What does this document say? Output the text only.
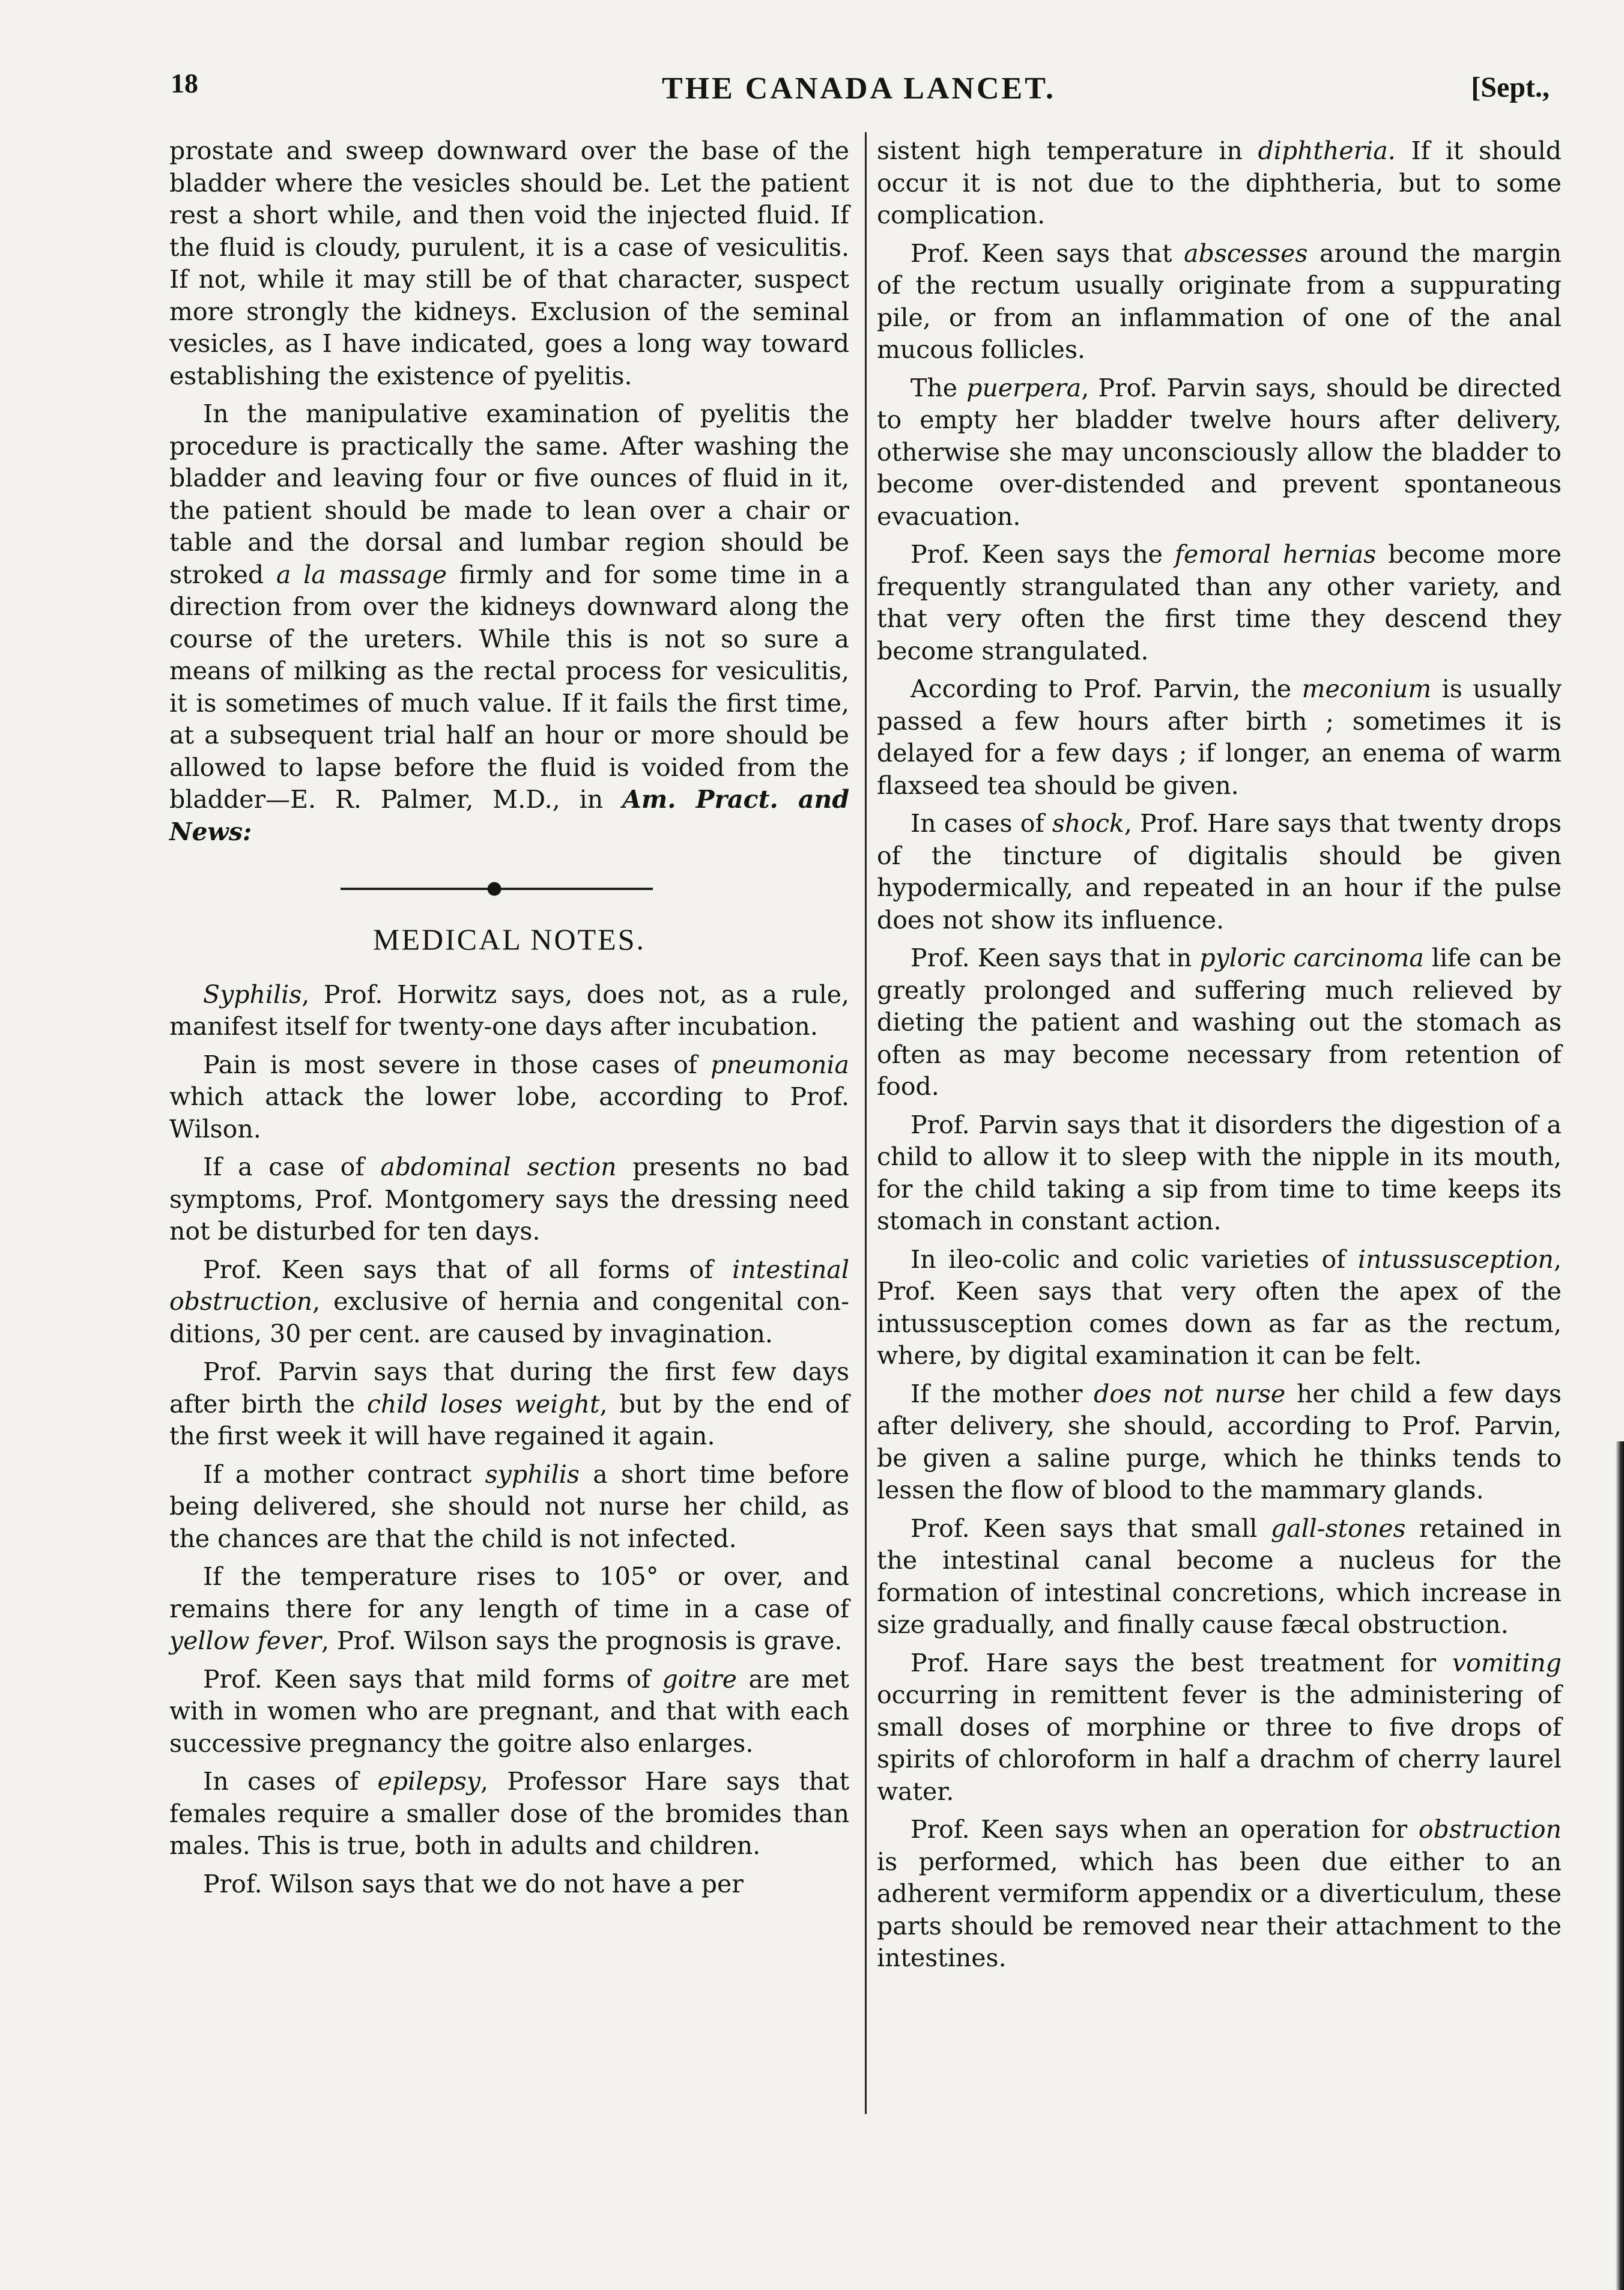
18	THE CANADA LANCET.	[Sept.,

prostate and sweep downward over the base of the bladder where the vesicles should be. Let the patient rest a short while, and then void the injected fluid. If the fluid is cloudy, purulent, it is a case of vesiculitis. If not, while it may still be of that character, suspect more strongly the kidneys. Exclusion of the seminal vesicles, as I have indicated, goes a long way toward establishing the existence of pyelitis.

In the manipulative examination of pyelitis the procedure is practically the same. After washing the bladder and leaving four or five ounces of fluid in it, the patient should be made to lean over a chair or table and the dorsal and lumbar region should be stroked a la massage firmly and for some time in a direction from over the kidneys downward along the course of the ureters. While this is not so sure a means of milking as the rectal process for vesiculitis, it is sometimes of much value. If it fails the first time, at a subsequent trial half an hour or more should be allowed to lapse before the fluid is voided from the bladder—E. R. Palmer, M.D., in Am. Pract. and News:

●
MEDICAL NOTES.

Syphilis, Prof. Horwitz says, does not, as a rule, manifest itself for twenty-one days after incubation.

Pain is most severe in those cases of pneumonia which attack the lower lobe, according to Prof. Wilson.

If a case of abdominal section presents no bad symptoms, Prof. Montgomery says the dressing need not be disturbed for ten days.

Prof. Keen says that of all forms of intestinal obstruction, exclusive of hernia and congenital conditions, 30 per cent. are caused by invagination.

Prof. Parvin says that during the first few days after birth the child loses weight, but by the end of the first week it will have regained it again.

If a mother contract syphilis a short time before being delivered, she should not nurse her child, as the chances are that the child is not infected.

If the temperature rises to 105° or over, and remains there for any length of time in a case of yellow fever, Prof. Wilson says the prognosis is grave.

Prof. Keen says that mild forms of goitre are met with in women who are pregnant, and that with each successive pregnancy the goitre also enlarges.

In cases of epilepsy, Professor Hare says that females require a smaller dose of the bromides than males. This is true, both in adults and children.

Prof. Wilson says that we do not have a per

sistent high temperature in diphtheria. If it should occur it is not due to the diphtheria, but to some complication.

Prof. Keen says that abscesses around the margin of the rectum usually originate from a suppurating pile, or from an inflammation of one of the anal mucous follicles.

The puerpera, Prof. Parvin says, should be directed to empty her bladder twelve hours after delivery, otherwise she may unconsciously allow the bladder to become over-distended and prevent spontaneous evacuation.

Prof. Keen says the femoral hernias become more frequently strangulated than any other variety, and that very often the first time they descend they become strangulated.

According to Prof. Parvin, the meconium is usually passed a few hours after birth ; sometimes it is delayed for a few days ; if longer, an enema of warm flaxseed tea should be given.

In cases of shock, Prof. Hare says that twenty drops of the tincture of digitalis should be given hypodermically, and repeated in an hour if the pulse does not show its influence.

Prof. Keen says that in pyloric carcinoma life can be greatly prolonged and suffering much relieved by dieting the patient and washing out the stomach as often as may become necessary from retention of food.

Prof. Parvin says that it disorders the digestion of a child to allow it to sleep with the nipple in its mouth, for the child taking a sip from time to time keeps its stomach in constant action.

In ileo-colic and colic varieties of intussusception, Prof. Keen says that very often the apex of the intussusception comes down as far as the rectum, where, by digital examination it can be felt.

If the mother does not nurse her child a few days after delivery, she should, according to Prof. Parvin, be given a saline purge, which he thinks tends to lessen the flow of blood to the mammary glands.

Prof. Keen says that small gall-stones retained in the intestinal canal become a nucleus for the formation of intestinal concretions, which increase in size gradually, and finally cause fæcal obstruction.

Prof. Hare says the best treatment for vomiting occurring in remittent fever is the administering of small doses of morphine or three to five drops of spirits of chloroform in half a drachm of cherry laurel water.

Prof. Keen says when an operation for obstruction is performed, which has been due either to an adherent vermiform appendix or a diverticulum, these parts should be removed near their attachment to the intestines.
